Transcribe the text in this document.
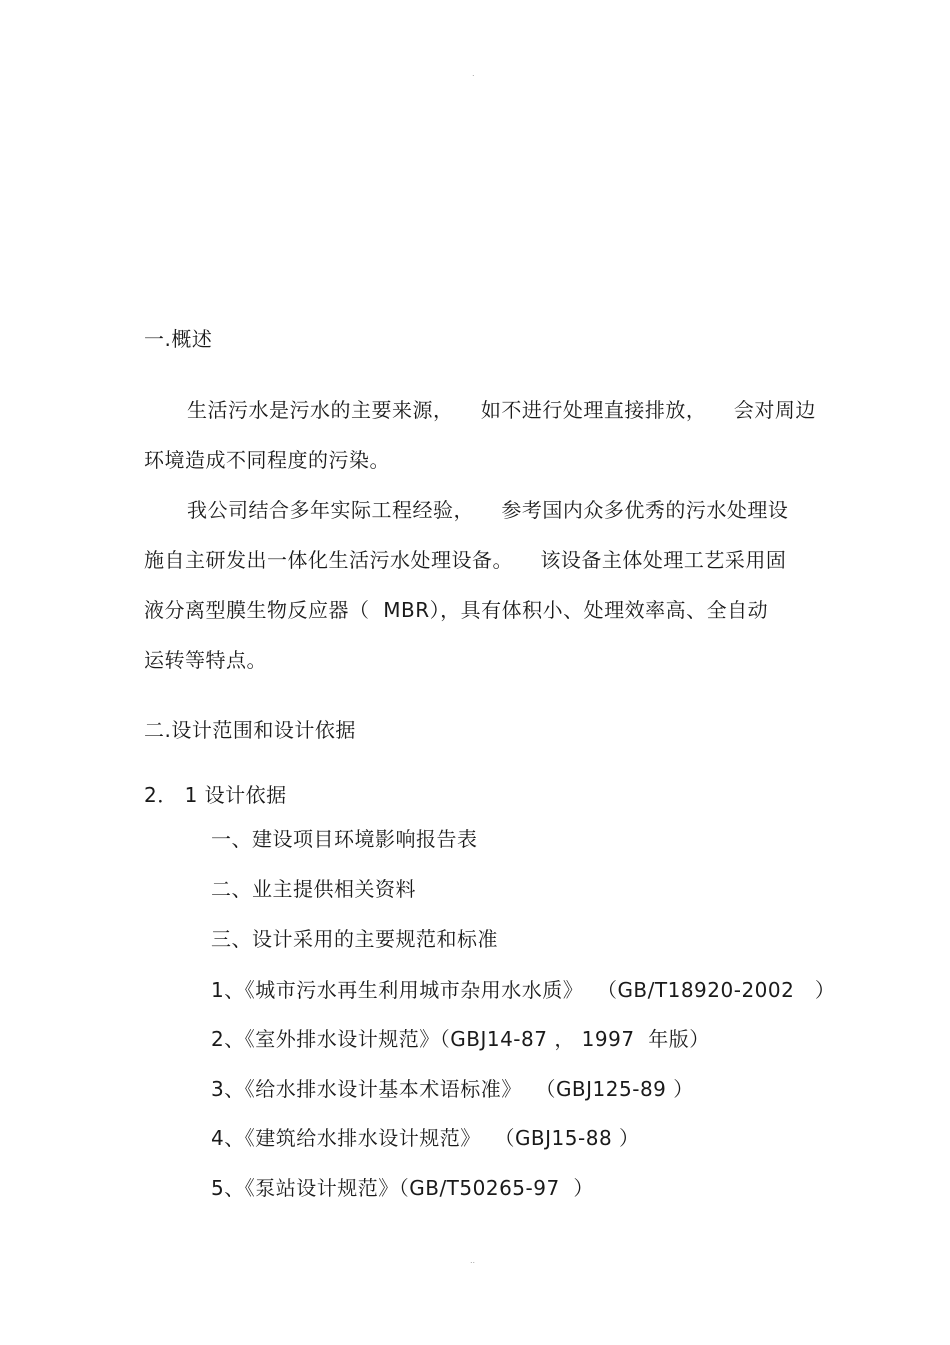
.
一.概述
生活污水是污水的主要来源，    如不进行处理直接排放，    会对周边
环境造成不同程度的污染。
我公司结合多年实际工程经验，    参考国内众多优秀的污水处理设
施自主研发出一体化生活污水处理设备。    该设备主体处理工艺采用固
液分离型膜生物反应器（  MBR），具有体积小、处理效率高、全自动
运转等特点。
二.设计范围和设计依据
2． 1 设计依据
一、建设项目环境影响报告表
二、业主提供相关资料
三、设计采用的主要规范和标准
1、《城市污水再生利用城市杂用水水质》  （GB/T18920-2002   ）
2、《室外排水设计规范》（GBJ14-87 ， 1997  年版）
3、《给水排水设计基本术语标准》  （GBJ125-89 ）
4、《建筑给水排水设计规范》  （GBJ15-88 ）
5、《泵站设计规范》（GB/T50265-97  ）
..
